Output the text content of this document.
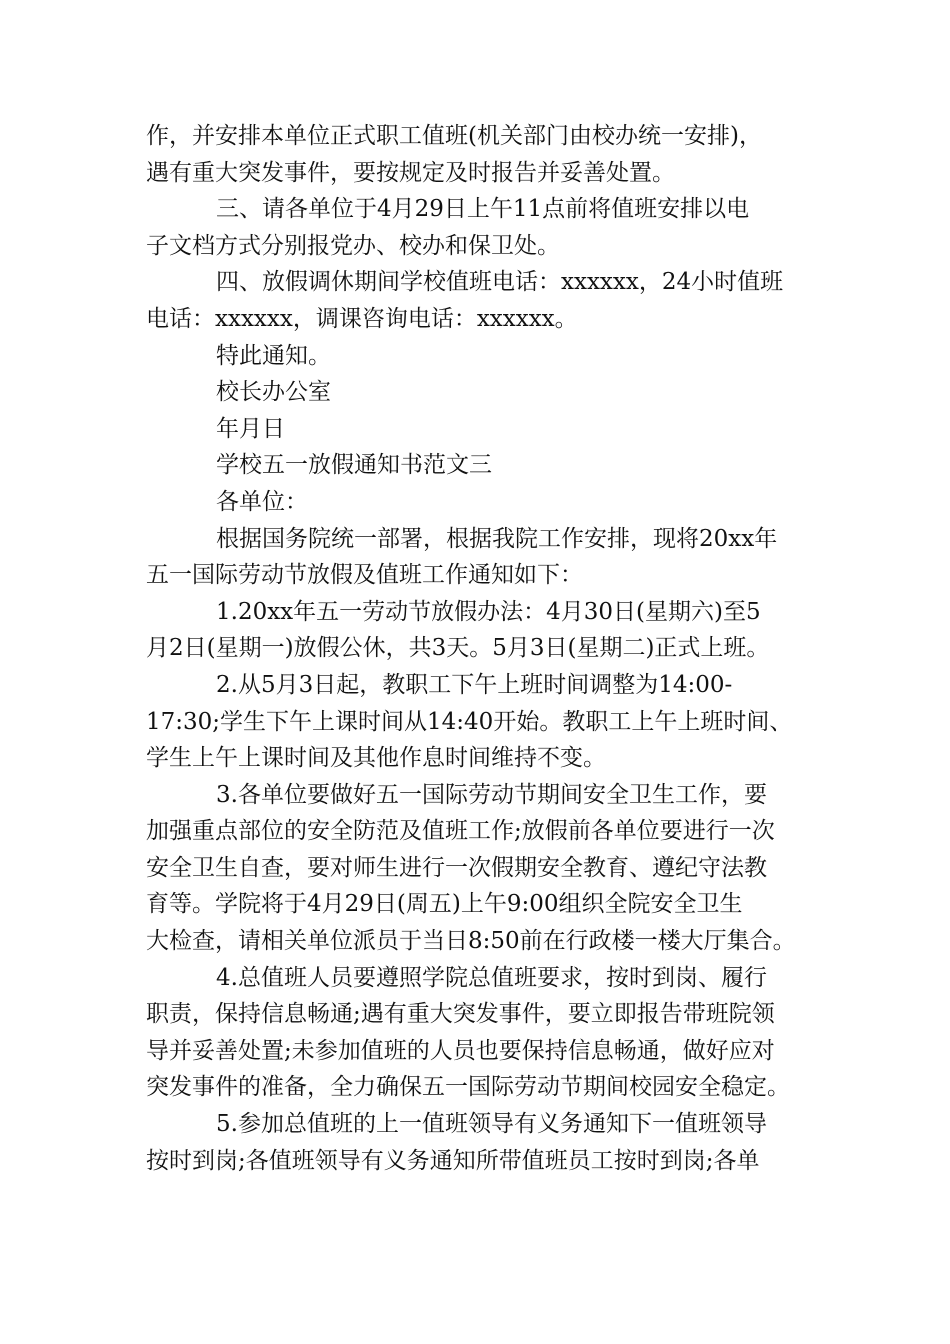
作，并安排本单位正式职工值班(机关部门由校办统一安排)，
遇有重大突发事件，要按规定及时报告并妥善处置。
三、请各单位于4月29日上午11点前将值班安排以电
子文档方式分别报党办、校办和保卫处。
四、放假调休期间学校值班电话：xxxxxx，24小时值班
电话：xxxxxx，调课咨询电话：xxxxxx。
特此通知。
校长办公室
年月日
学校五一放假通知书范文三
各单位：
根据国务院统一部署，根据我院工作安排，现将20xx年
五一国际劳动节放假及值班工作通知如下：
1.20xx年五一劳动节放假办法：4月30日(星期六)至5
月2日(星期一)放假公休，共3天。5月3日(星期二)正式上班。
2.从5月3日起，教职工下午上班时间调整为14:00-
17:30;学生下午上课时间从14:40开始。教职工上午上班时间、
学生上午上课时间及其他作息时间维持不变。
3.各单位要做好五一国际劳动节期间安全卫生工作，要
加强重点部位的安全防范及值班工作;放假前各单位要进行一次
安全卫生自查，要对师生进行一次假期安全教育、遵纪守法教
育等。学院将于4月29日(周五)上午9:00组织全院安全卫生
大检查，请相关单位派员于当日8:50前在行政楼一楼大厅集合。
4.总值班人员要遵照学院总值班要求，按时到岗、履行
职责，保持信息畅通;遇有重大突发事件，要立即报告带班院领
导并妥善处置;未参加值班的人员也要保持信息畅通，做好应对
突发事件的准备，全力确保五一国际劳动节期间校园安全稳定。
5.参加总值班的上一值班领导有义务通知下一值班领导
按时到岗;各值班领导有义务通知所带值班员工按时到岗;各单
